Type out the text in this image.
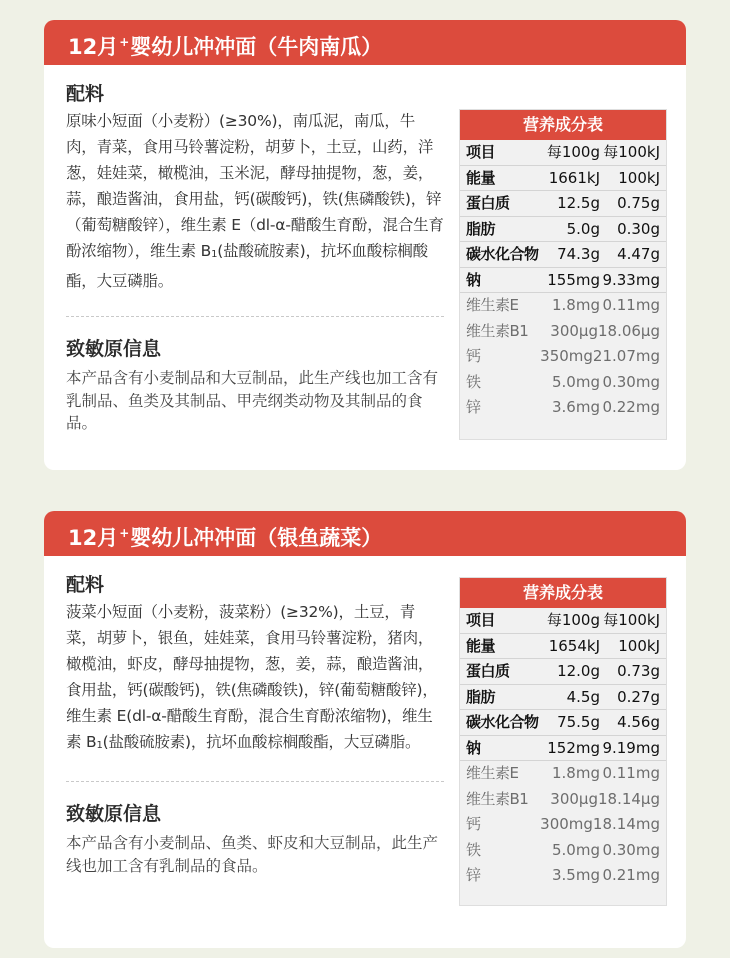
12月+婴幼儿冲冲面（牛肉南瓜）
配料
原味小短面（小麦粉）(≥30%)，南瓜泥，南瓜，牛肉，青菜，食用马铃薯淀粉，胡萝卜，土豆，山药，洋葱，娃娃菜，橄榄油，玉米泥，酵母抽提物，葱，姜，蒜，酿造酱油，食用盐，钙(碳酸钙)，铁(焦磷酸铁)，锌（葡萄糖酸锌），维生素 E（dl-α-醋酸生育酚，混合生育酚浓缩物），维生素 B1(盐酸硫胺素)，抗坏血酸棕榈酸酯，大豆磷脂。
致敏原信息
本产品含有小麦制品和大豆制品，此生产线也加工含有乳制品、鱼类及其制品、甲壳纲类动物及其制品的食品。
营养成分表
项目	每100g 每100kJ
能量	1661kJ	100kJ
蛋白质	12.5g	0.75g
脂肪	5.0g	0.30g
碳水化合物	74.3g	4.47g
钠	155mg 9.33mg
维生素E	1.8mg 0.11mg
维生素B1	300μg 18.06μg
钙	350mg 21.07mg
铁	5.0mg 0.30mg
锌	3.6mg 0.22mg
12月+婴幼儿冲冲面（银鱼蔬菜）
配料
菠菜小短面（小麦粉，菠菜粉）(≥32%)，土豆，青菜，胡萝卜，银鱼，娃娃菜，食用马铃薯淀粉，猪肉，橄榄油，虾皮，酵母抽提物，葱，姜，蒜，酿造酱油，食用盐，钙(碳酸钙)，铁(焦磷酸铁)，锌(葡萄糖酸锌)，维生素 E(dl-α-醋酸生育酚，混合生育酚浓缩物)，维生素 B1(盐酸硫胺素)，抗坏血酸棕榈酸酯，大豆磷脂。
致敏原信息
本产品含有小麦制品、鱼类、虾皮和大豆制品，此生产线也加工含有乳制品的食品。
营养成分表
项目	每100g 每100kJ
能量	1654kJ	100kJ
蛋白质	12.0g	0.73g
脂肪	4.5g	0.27g
碳水化合物	75.5g	4.56g
钠	152mg 9.19mg
维生素E	1.8mg 0.11mg
维生素B1	300μg 18.14μg
钙	300mg 18.14mg
铁	5.0mg 0.30mg
锌	3.5mg 0.21mg
